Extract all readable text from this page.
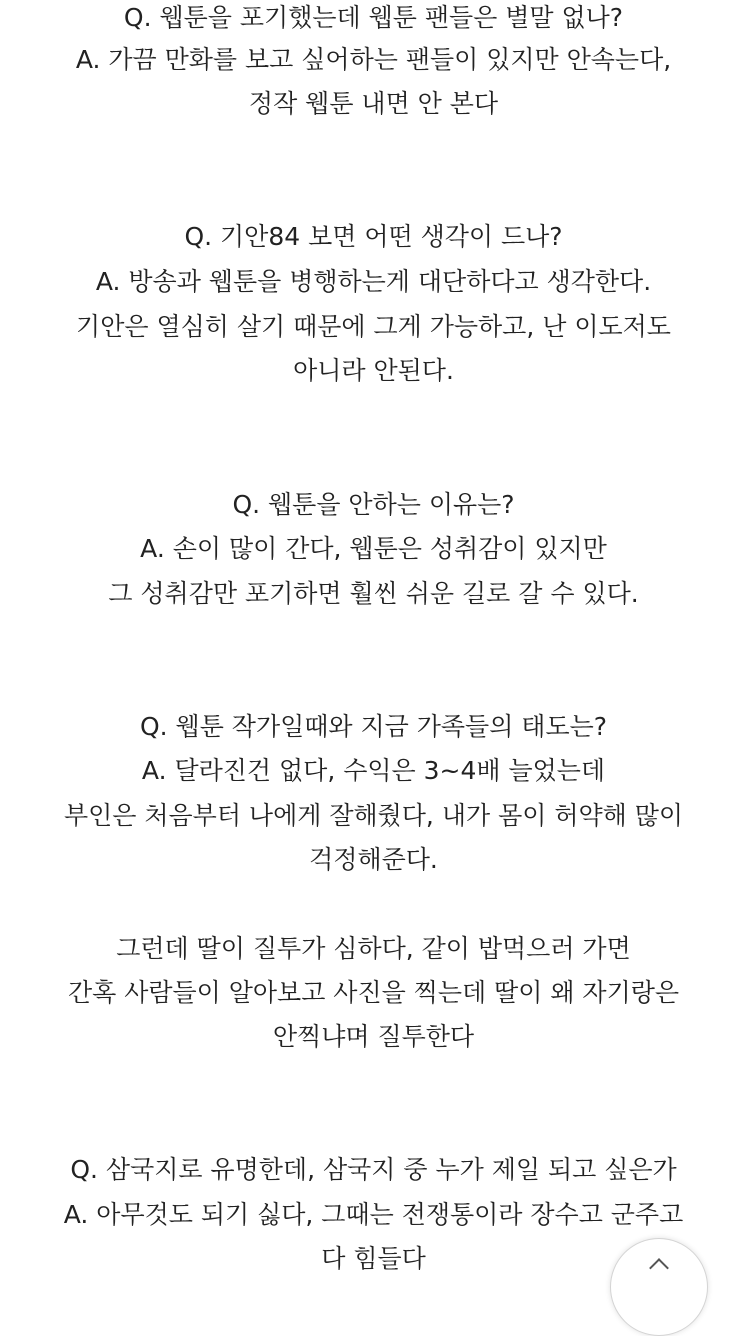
Q. 웹툰을 포기했는데 웹툰 팬들은 별말 없나?
A. 가끔 만화를 보고 싶어하는 팬들이 있지만 안속는다,
정작 웹툰 내면 안 본다
Q. 기안84 보면 어떤 생각이 드나?
A. 방송과 웹툰을 병행하는게 대단하다고 생각한다.
기안은 열심히 살기 때문에 그게 가능하고, 난 이도저도
아니라 안된다.
Q. 웹툰을 안하는 이유는?
A. 손이 많이 간다, 웹툰은 성취감이 있지만
그 성취감만 포기하면 훨씬 쉬운 길로 갈 수 있다.
Q. 웹툰 작가일때와 지금 가족들의 태도는?
A. 달라진건 없다, 수익은 3~4배 늘었는데
부인은 처음부터 나에게 잘해줬다, 내가 몸이 허약해 많이
걱정해준다.
그런데 딸이 질투가 심하다, 같이 밥먹으러 가면
간혹 사람들이 알아보고 사진을 찍는데 딸이 왜 자기랑은
안찍냐며 질투한다
Q. 삼국지로 유명한데, 삼국지 중 누가 제일 되고 싶은가
A. 아무것도 되기 싫다, 그때는 전쟁통이라 장수고 군주고
다 힘들다
